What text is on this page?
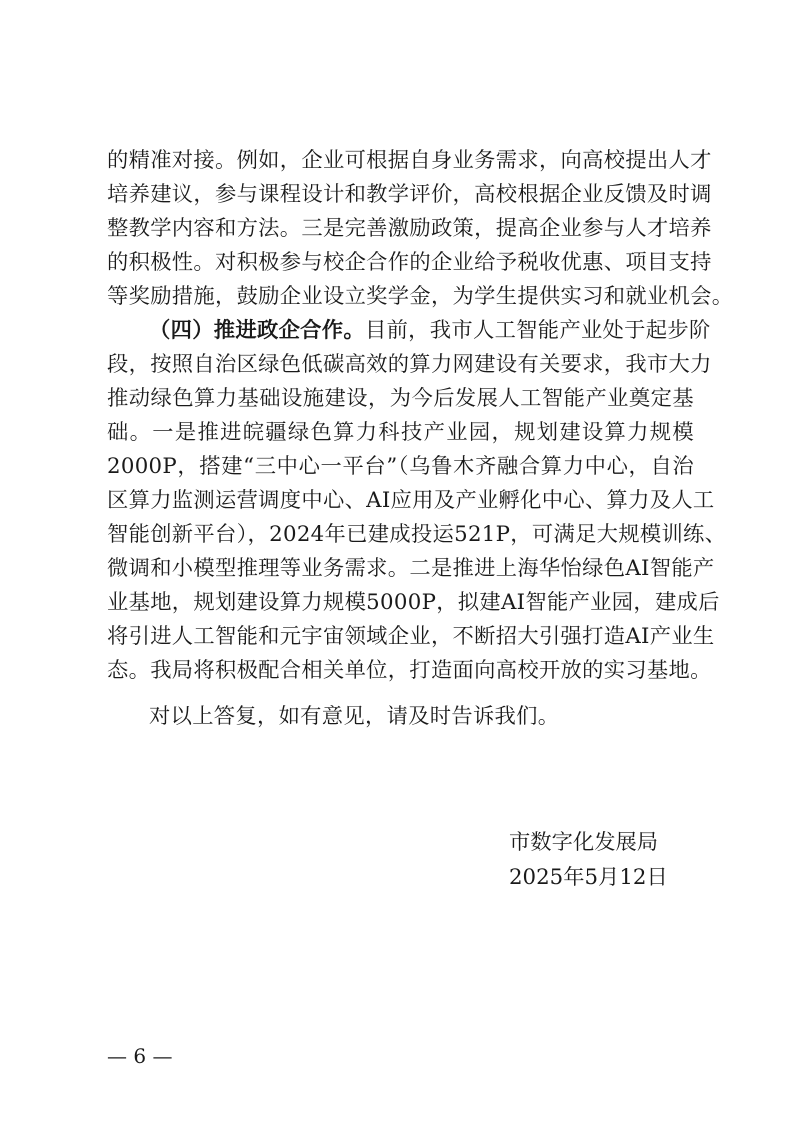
的精准对接。例如，企业可根据自身业务需求，向高校提出人才
培养建议，参与课程设计和教学评价，高校根据企业反馈及时调
整教学内容和方法。三是完善激励政策，提高企业参与人才培养
的积极性。对积极参与校企合作的企业给予税收优惠、项目支持
等奖励措施，鼓励企业设立奖学金，为学生提供实习和就业机会。
（四）推进政企合作。目前，我市人工智能产业处于起步阶
段，按照自治区绿色低碳高效的算力网建设有关要求，我市大力
推动绿色算力基础设施建设，为今后发展人工智能产业奠定基
础。一是推进皖疆绿色算力科技产业园，规划建设算力规模
2000P，搭建“三中心一平台”（乌鲁木齐融合算力中心，自治
区算力监测运营调度中心、AI应用及产业孵化中心、算力及人工
智能创新平台），2024年已建成投运521P，可满足大规模训练、
微调和小模型推理等业务需求。二是推进上海华怡绿色AI智能产
业基地，规划建设算力规模5000P，拟建AI智能产业园，建成后
将引进人工智能和元宇宙领域企业，不断招大引强打造AI产业生
态。我局将积极配合相关单位，打造面向高校开放的实习基地。
对以上答复，如有意见，请及时告诉我们。
市数字化发展局
2025年5月12日
— 6 —
